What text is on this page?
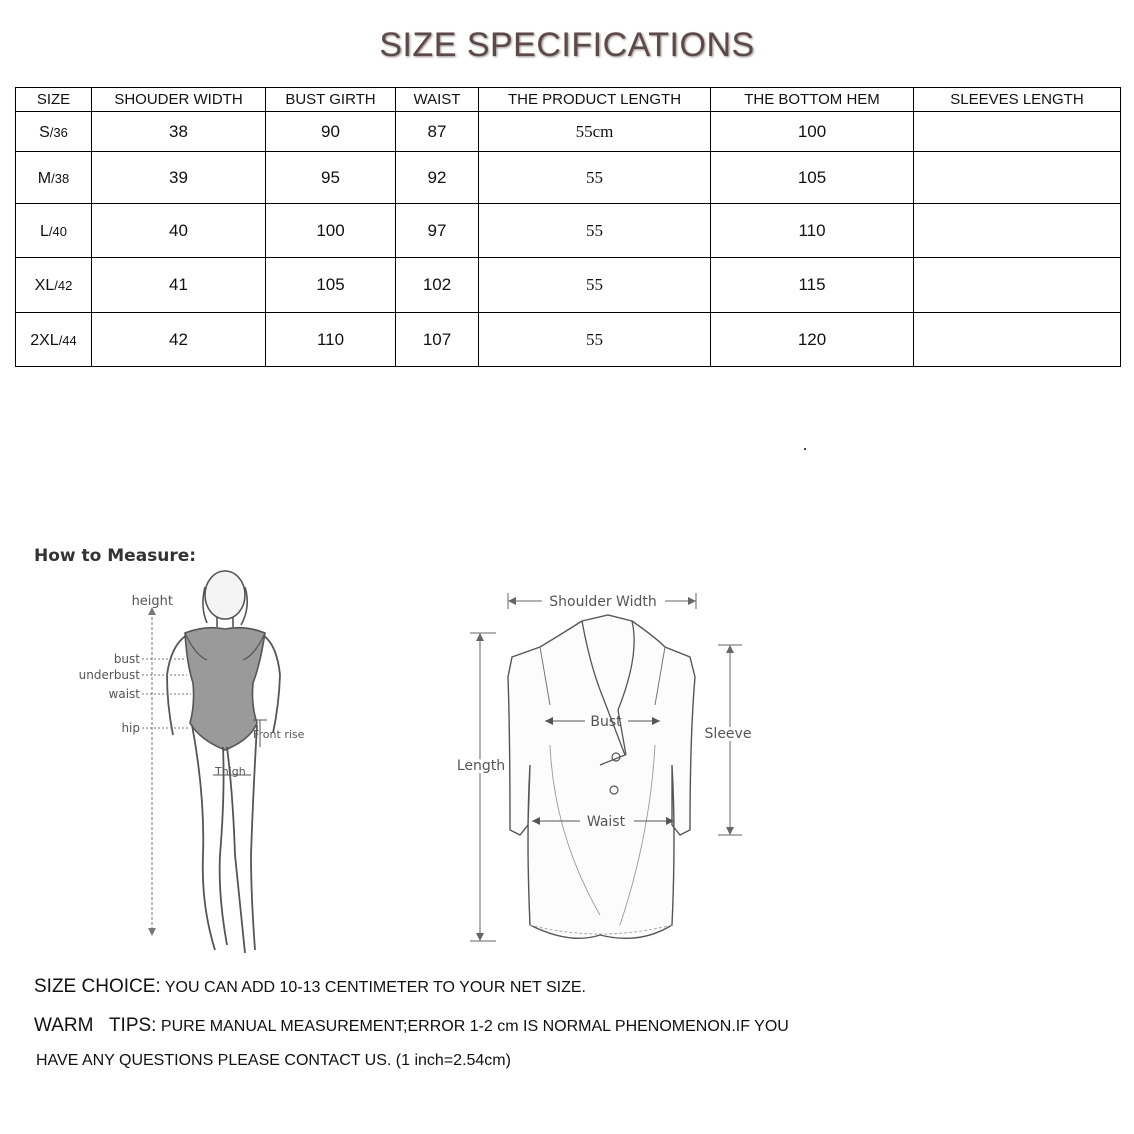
SIZE SPECIFICATIONS
SIZE	SHOUDER WIDTH	BUST GIRTH	WAIST	THE PRODUCT LENGTH	THE BOTTOM HEM	SLEEVES LENGTH
S/36	38	90	87	55cm	100	
M/38	39	95	92	55	105	
L/40	40	100	97	55	110	
XL/42	41	105	102	55	115	
2XL/44	42	110	107	55	120	
How to Measure:
height
bust
underbust
waist
hip	Front rise
Thigh
Shoulder Width
Length
Sleeve
Bust
Waist
SIZE CHOICE: YOU CAN ADD 10-13 CENTIMETER TO YOUR NET SIZE.
WARM   TIPS: PURE MANUAL MEASUREMENT;ERROR 1-2 cm IS NORMAL PHENOMENON.IF YOU
HAVE ANY QUESTIONS PLEASE CONTACT US. (1 inch=2.54cm)
